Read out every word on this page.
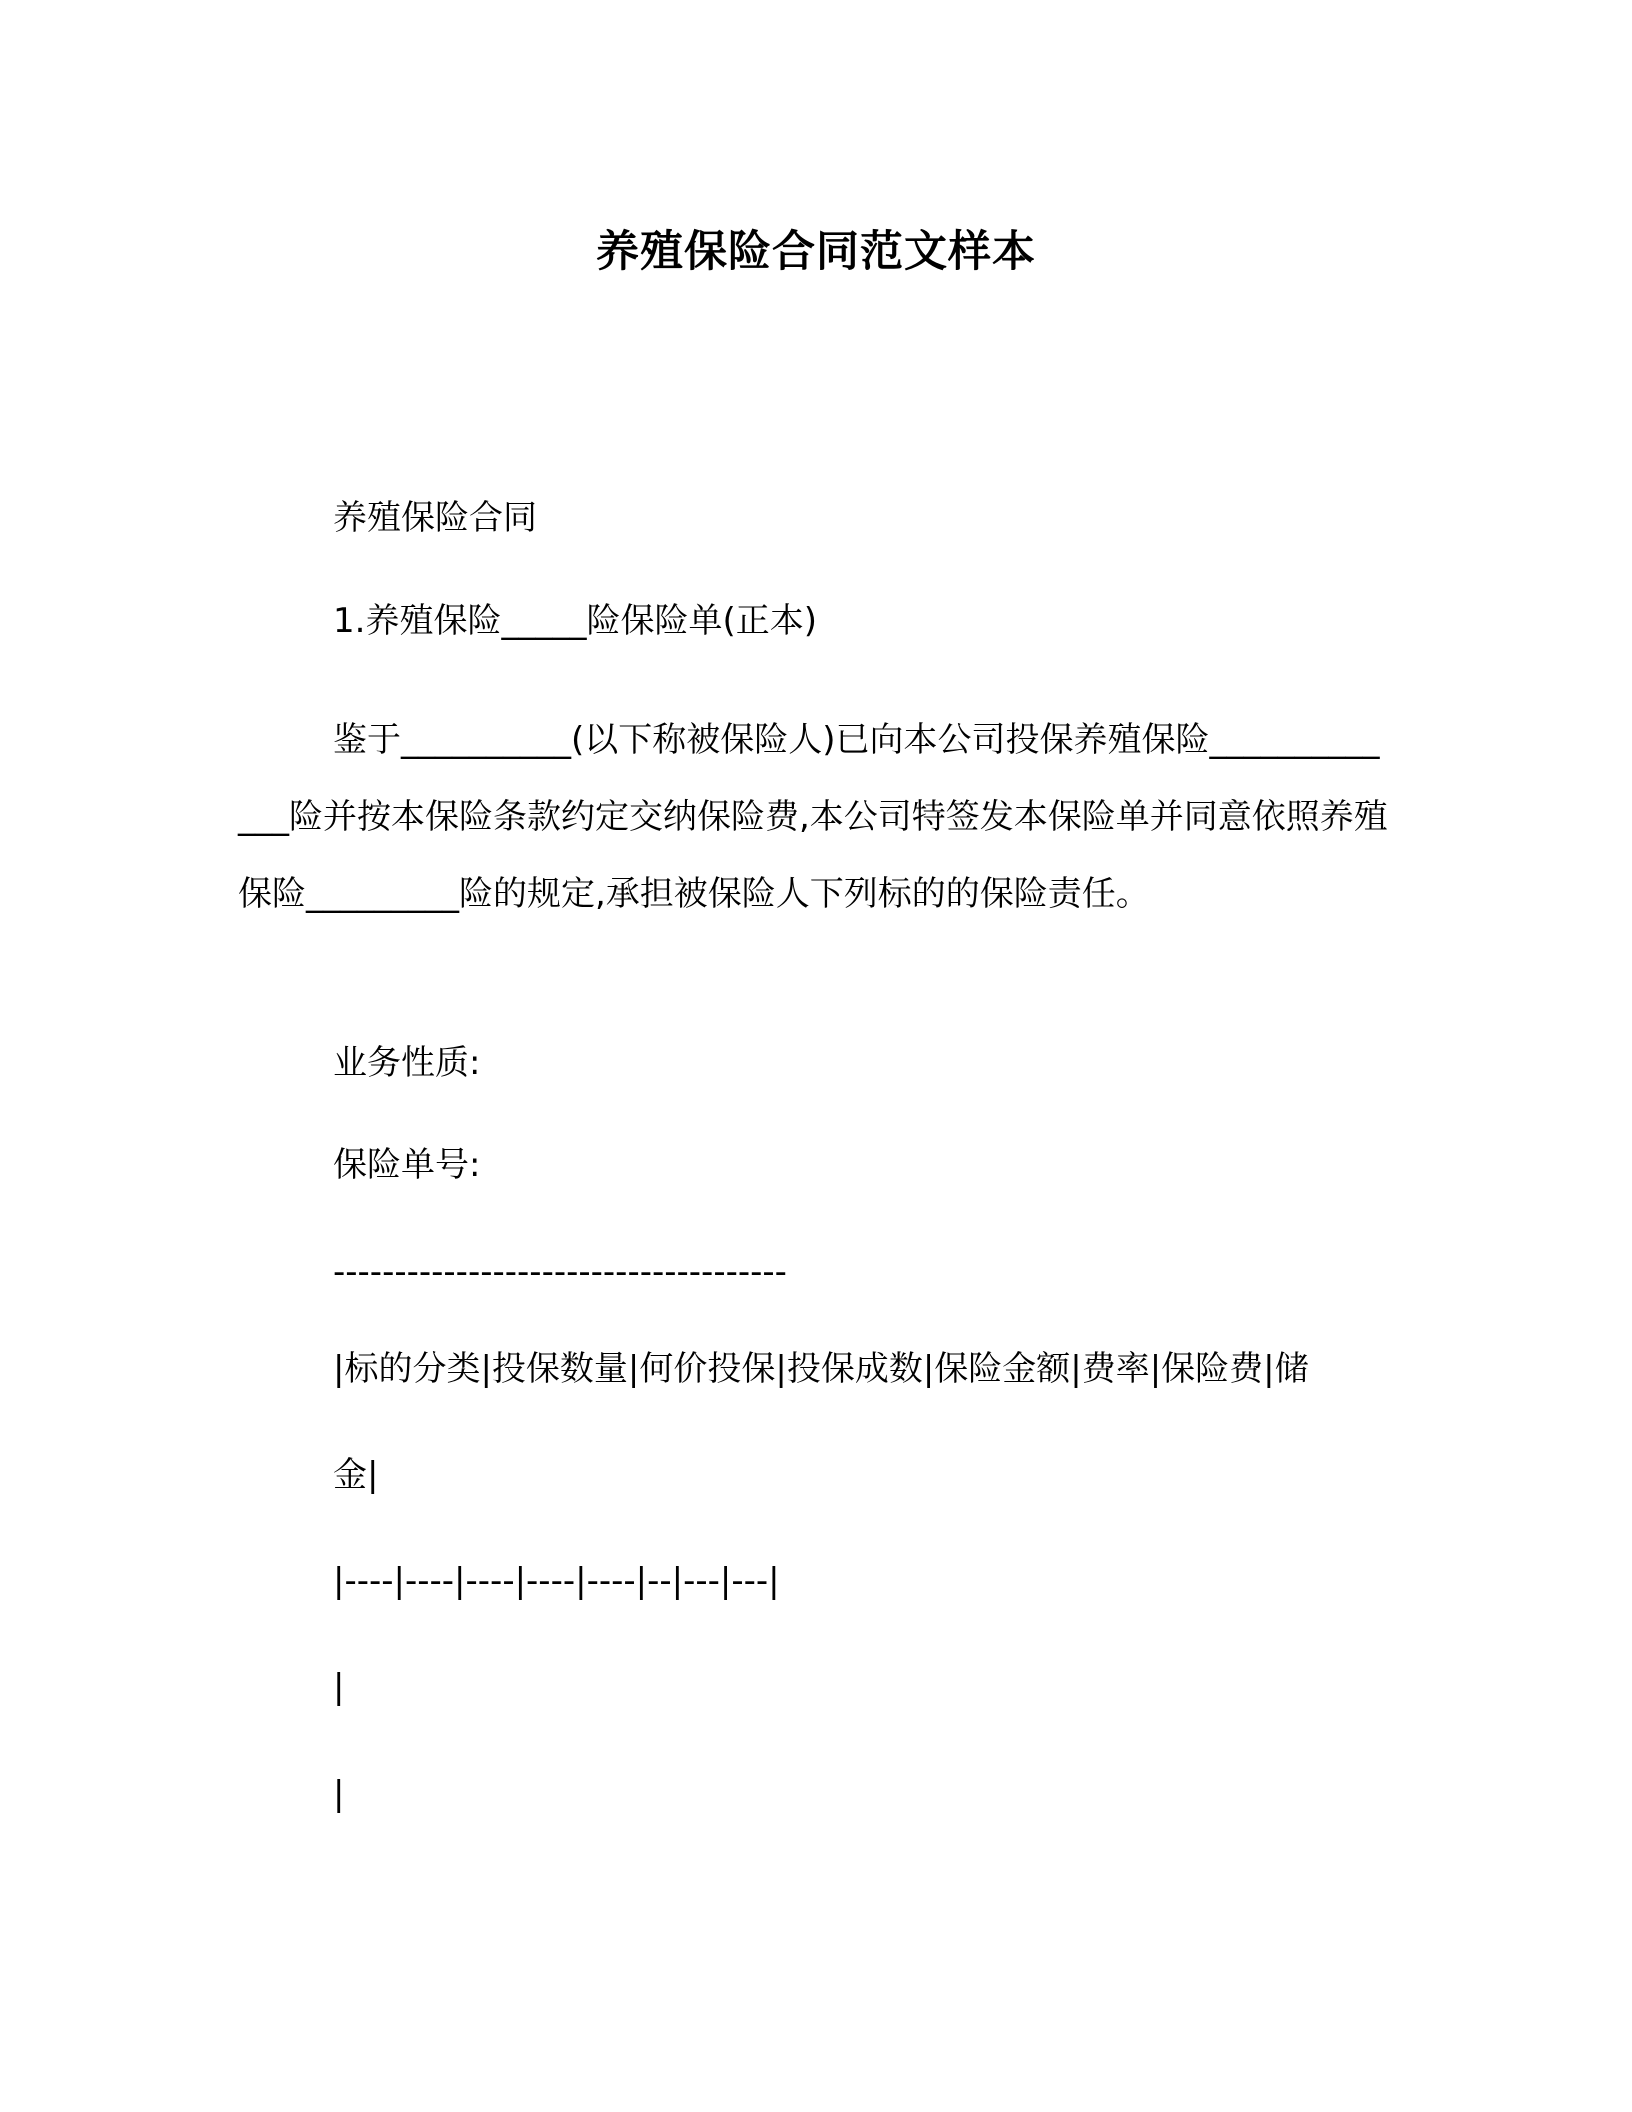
养殖保险合同范文样本
养殖保险合同
1.养殖保险_____险保险单(正本)
鉴于__________(以下称被保险人)已向本公司投保养殖保险_____________险并按本保险条款约定交纳保险费,本公司特签发本保险单并同意依照养殖保险_________险的规定,承担被保险人下列标的的保险责任。
业务性质:
保险单号:
-------------------------------------
|标的分类|投保数量|何价投保|投保成数|保险金额|费率|保险费|储
金|
|----|----|----|----|----|--|---|---|
|
|
